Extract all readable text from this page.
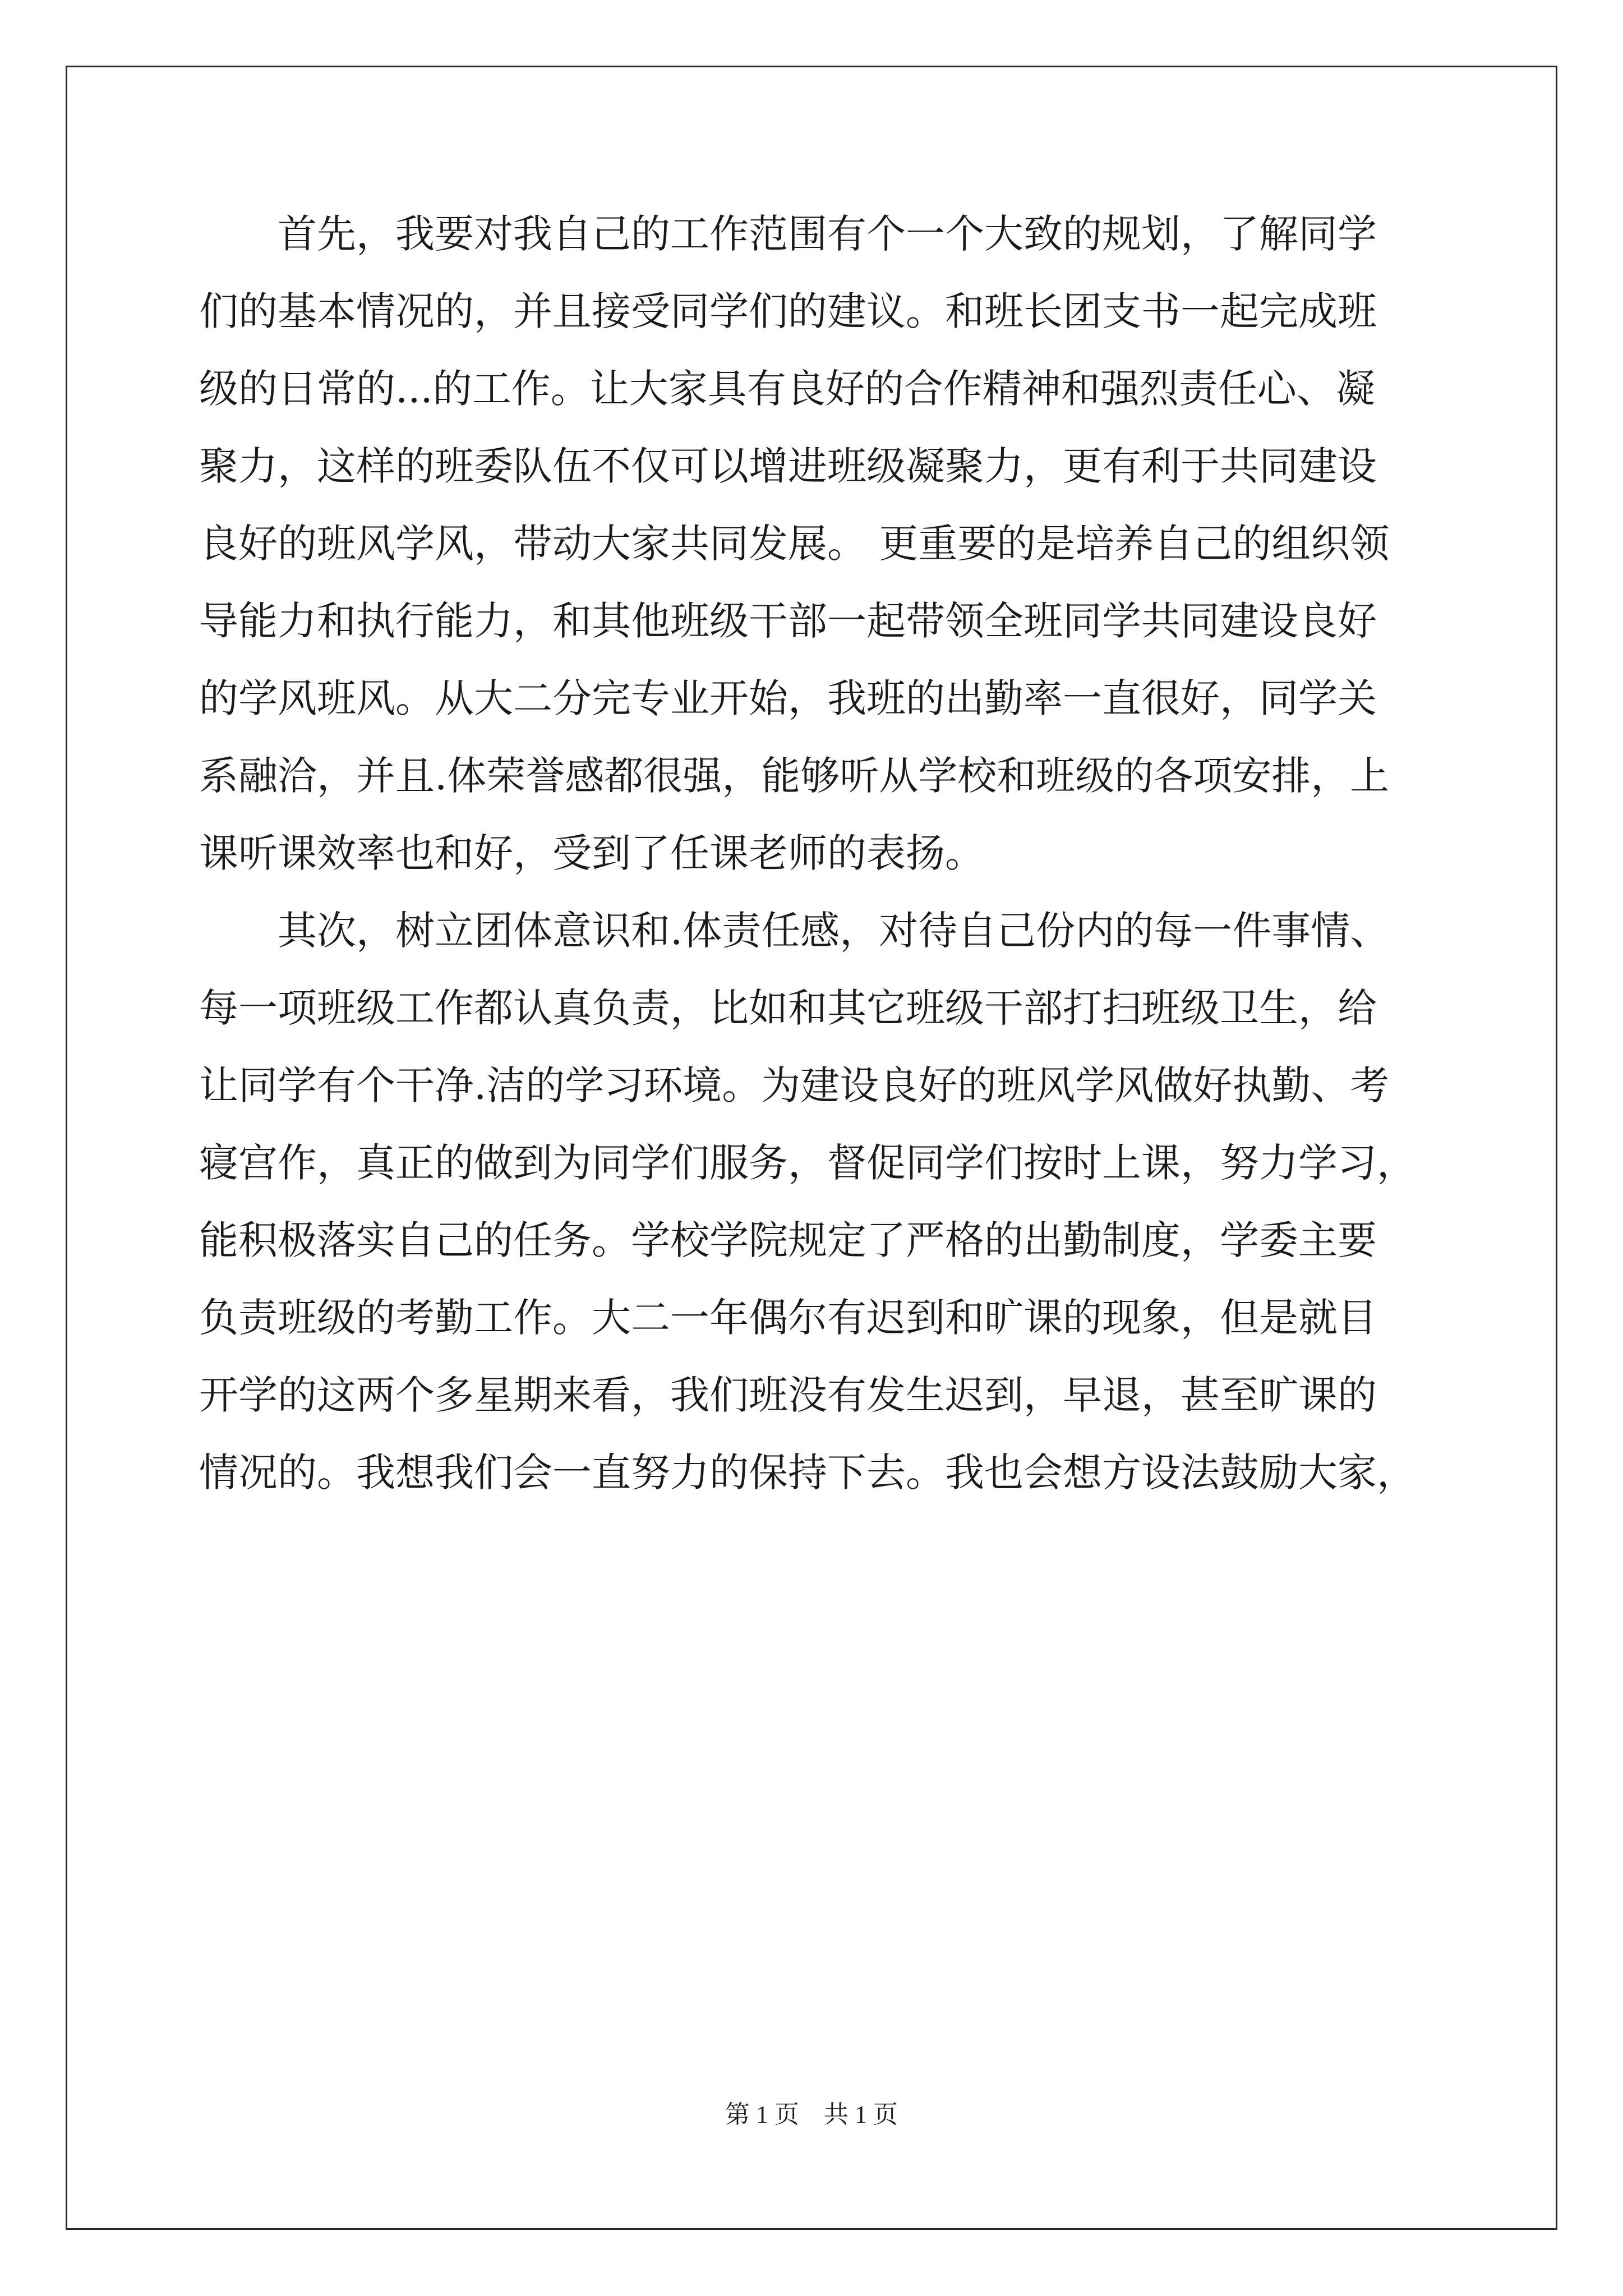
　　首先，我要对我自己的工作范围有个一个大致的规划，了解同学
们的基本情况的，并且接受同学们的建议。和班长团支书一起完成班
级的日常的...的工作。让大家具有良好的合作精神和强烈责任心、凝
聚力，这样的班委队伍不仅可以增进班级凝聚力，更有利于共同建设
良好的班风学风，带动大家共同发展。 更重要的是培养自己的组织领
导能力和执行能力，和其他班级干部一起带领全班同学共同建设良好
的学风班风。从大二分完专业开始，我班的出勤率一直很好，同学关
系融洽，并且.体荣誉感都很强，能够听从学校和班级的各项安排，上
课听课效率也和好，受到了任课老师的表扬。
　　其次，树立团体意识和.体责任感，对待自己份内的每一件事情、
每一项班级工作都认真负责，比如和其它班级干部打扫班级卫生，给
让同学有个干净.洁的学习环境。为建设良好的班风学风做好执勤、考
寝宫作，真正的做到为同学们服务，督促同学们按时上课，努力学习，
能积极落实自己的任务。学校学院规定了严格的出勤制度，学委主要
负责班级的考勤工作。大二一年偶尔有迟到和旷课的现象，但是就目
开学的这两个多星期来看，我们班没有发生迟到，早退，甚至旷课的
情况的。我想我们会一直努力的保持下去。我也会想方设法鼓励大家，
第 1 页　共 1 页
